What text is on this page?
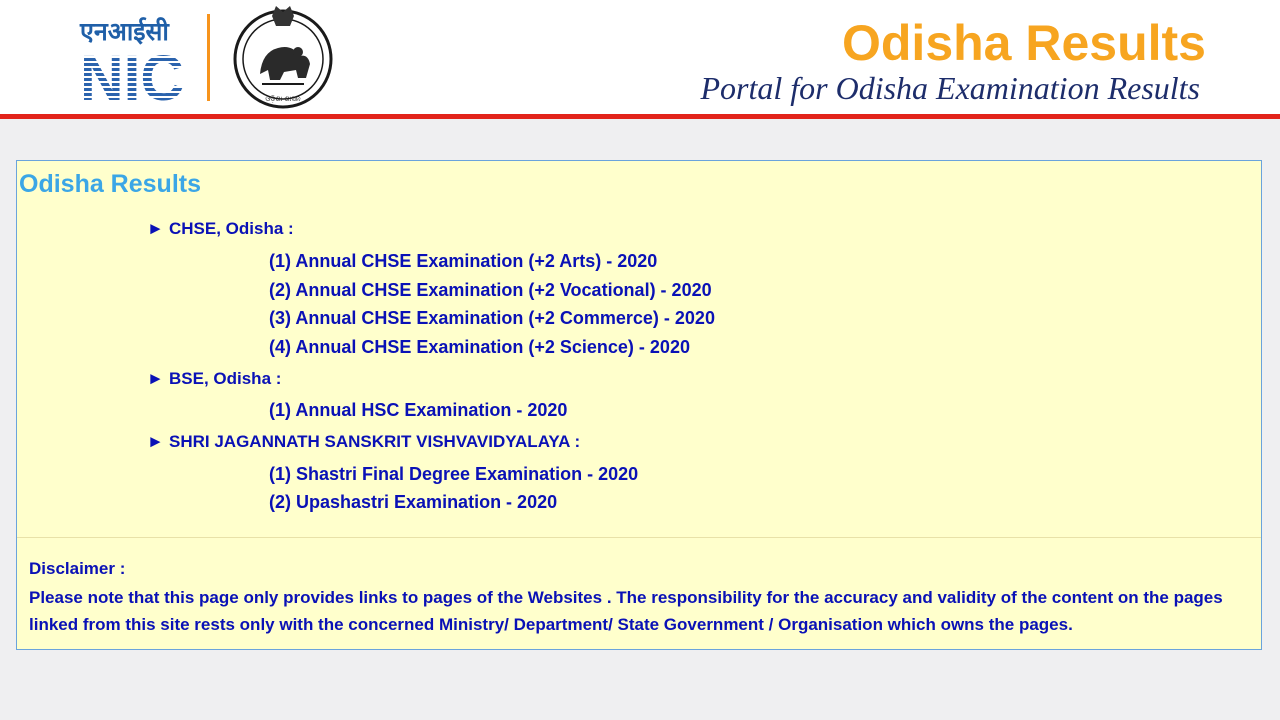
एनआईसी
NIC	ଓଡ଼ିଶା ଶାସନ
Odisha Results
Portal for Odisha Examination Results
Odisha Results
► CHSE, Odisha :
(1) Annual CHSE Examination (+2 Arts) - 2020
(2) Annual CHSE Examination (+2 Vocational) - 2020
(3) Annual CHSE Examination (+2 Commerce) - 2020
(4) Annual CHSE Examination (+2 Science) - 2020
► BSE, Odisha :
(1) Annual HSC Examination - 2020
► SHRI JAGANNATH SANSKRIT VISHVAVIDYALAYA :
(1) Shastri Final Degree Examination - 2020
(2) Upashastri Examination - 2020
Disclaimer :
Please note that this page only provides links to pages of the Websites . The responsibility for the accuracy and validity of the content on the pages linked from this site rests only with the concerned Ministry/ Department/ State Government / Organisation which owns the pages.
